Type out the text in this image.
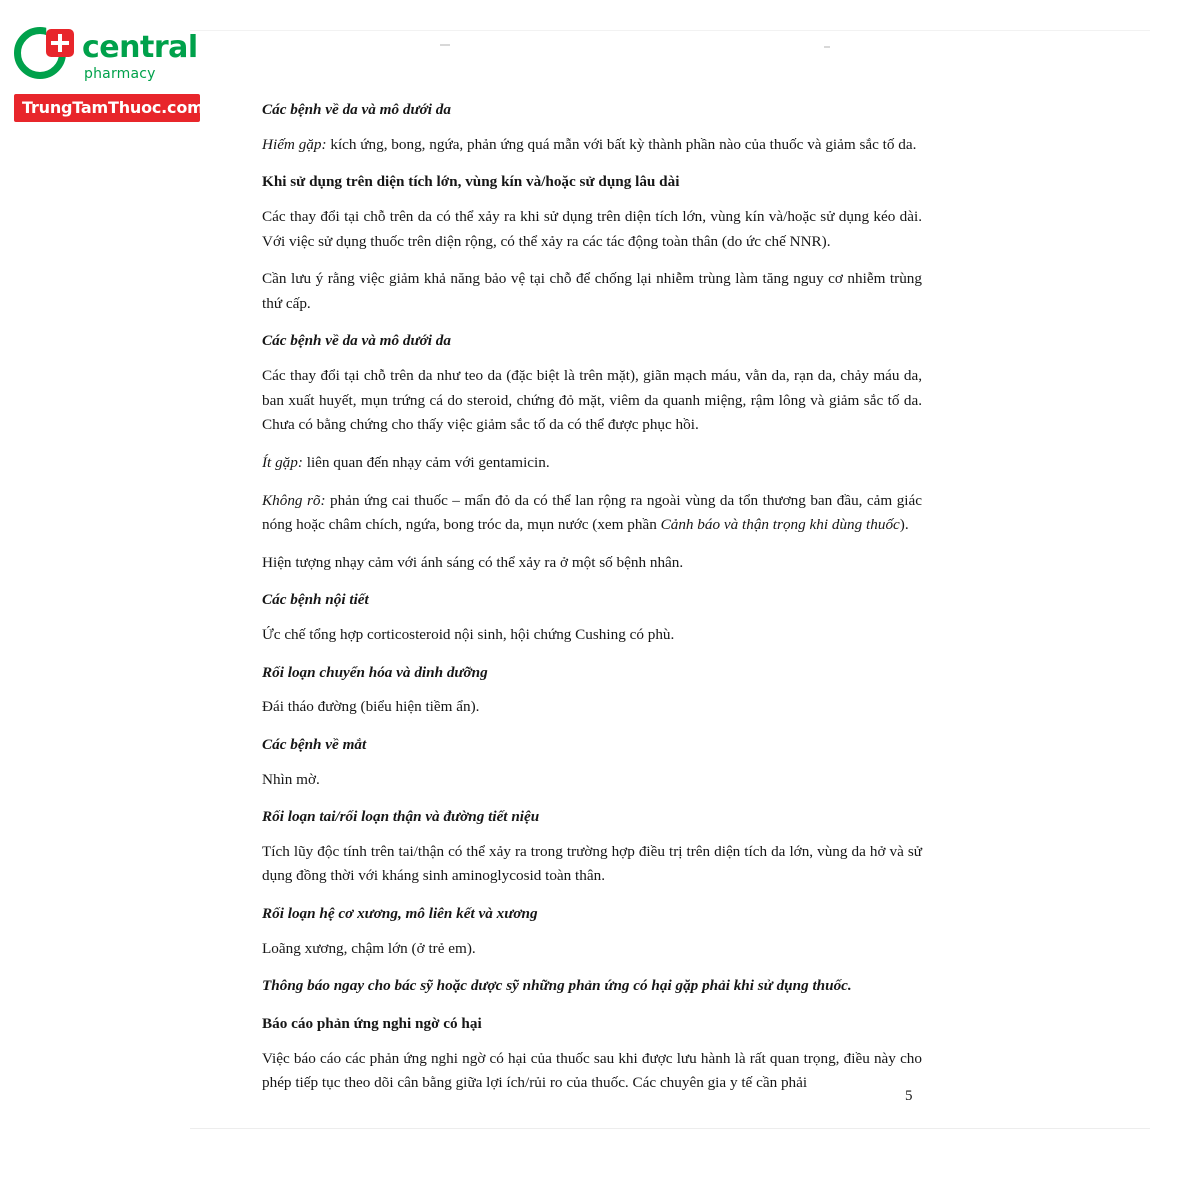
central
pharmacy
TrungTamThuoc.com	Các bệnh về da và mô dưới da

Hiếm gặp: kích ứng, bong, ngứa, phản ứng quá mẫn với bất kỳ thành phần nào của thuốc và giảm sắc tố da.

Khi sử dụng trên diện tích lớn, vùng kín và/hoặc sử dụng lâu dài

Các thay đổi tại chỗ trên da có thể xảy ra khi sử dụng trên diện tích lớn, vùng kín và/hoặc sử dụng kéo dài. Với việc sử dụng thuốc trên diện rộng, có thể xảy ra các tác động toàn thân (do ức chế NNR).

Cần lưu ý rằng việc giảm khả năng bảo vệ tại chỗ để chống lại nhiễm trùng làm tăng nguy cơ nhiễm trùng thứ cấp.

Các bệnh về da và mô dưới da

Các thay đổi tại chỗ trên da như teo da (đặc biệt là trên mặt), giãn mạch máu, vằn da, rạn da, chảy máu da, ban xuất huyết, mụn trứng cá do steroid, chứng đỏ mặt, viêm da quanh miệng, rậm lông và giảm sắc tố da. Chưa có bằng chứng cho thấy việc giảm sắc tố da có thể được phục hồi.

Ít gặp: liên quan đến nhạy cảm với gentamicin.

Không rõ: phản ứng cai thuốc – mẩn đỏ da có thể lan rộng ra ngoài vùng da tổn thương ban đầu, cảm giác nóng hoặc châm chích, ngứa, bong tróc da, mụn nước (xem phần Cảnh báo và thận trọng khi dùng thuốc).

Hiện tượng nhạy cảm với ánh sáng có thể xảy ra ở một số bệnh nhân.

Các bệnh nội tiết

Ức chế tổng hợp corticosteroid nội sinh, hội chứng Cushing có phù.

Rối loạn chuyển hóa và dinh dưỡng

Đái tháo đường (biểu hiện tiềm ẩn).

Các bệnh về mắt

Nhìn mờ.

Rối loạn tai/rối loạn thận và đường tiết niệu

Tích lũy độc tính trên tai/thận có thể xảy ra trong trường hợp điều trị trên diện tích da lớn, vùng da hở và sử dụng đồng thời với kháng sinh aminoglycosid toàn thân.

Rối loạn hệ cơ xương, mô liên kết và xương

Loãng xương, chậm lớn (ở trẻ em).

Thông báo ngay cho bác sỹ hoặc dược sỹ những phản ứng có hại gặp phải khi sử dụng thuốc.

Báo cáo phản ứng nghi ngờ có hại

Việc báo cáo các phản ứng nghi ngờ có hại của thuốc sau khi được lưu hành là rất quan trọng, điều này cho phép tiếp tục theo dõi cân bằng giữa lợi ích/rủi ro của thuốc. Các chuyên gia y tế cần phải

5
